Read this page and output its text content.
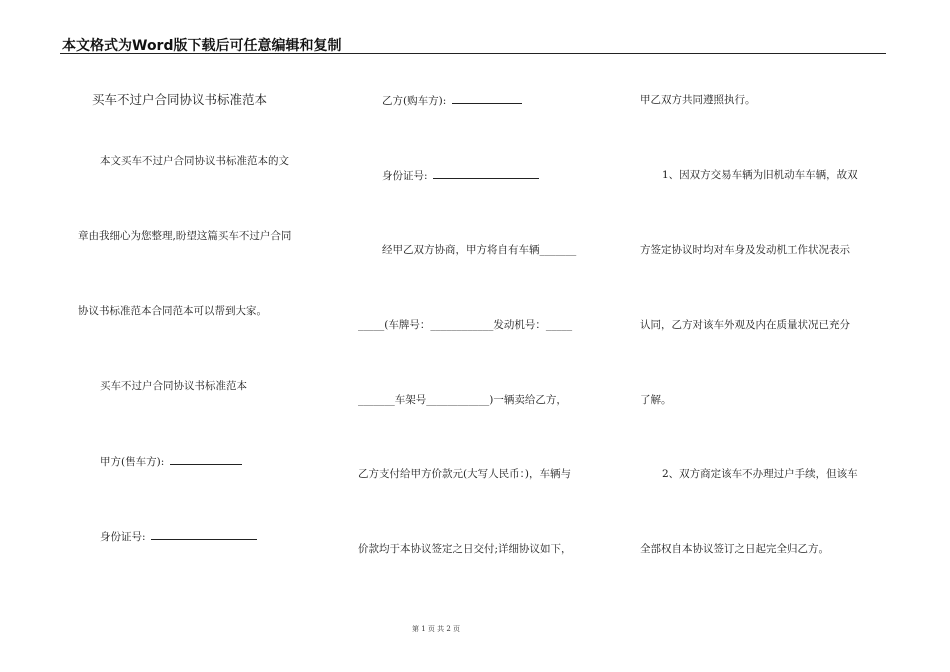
本文格式为Word版下载后可任意编辑和复制
买车不过户合同协议书标准范本
本文买车不过户合同协议书标准范本的文
章由我细心为您整理,盼望这篇买车不过户合同
协议书标准范本合同范本可以帮到大家。
买车不过户合同协议书标准范本
甲方(售车方):
身份证号:
乙方(购车方):
身份证号:
经甲乙双方协商，甲方将自有车辆_______
_____(车牌号：____________发动机号：_____
_______车架号____________)一辆卖给乙方，
乙方支付给甲方价款元(大写人民币：)，车辆与
价款均于本协议签定之日交付;详细协议如下，
甲乙双方共同遵照执行。
1、因双方交易车辆为旧机动车车辆，故双
方签定协议时均对车身及发动机工作状况表示
认同，乙方对该车外观及内在质量状况已充分
了解。
2、双方商定该车不办理过户手续，但该车
全部权自本协议签订之日起完全归乙方。
第 1 页 共 2 页
